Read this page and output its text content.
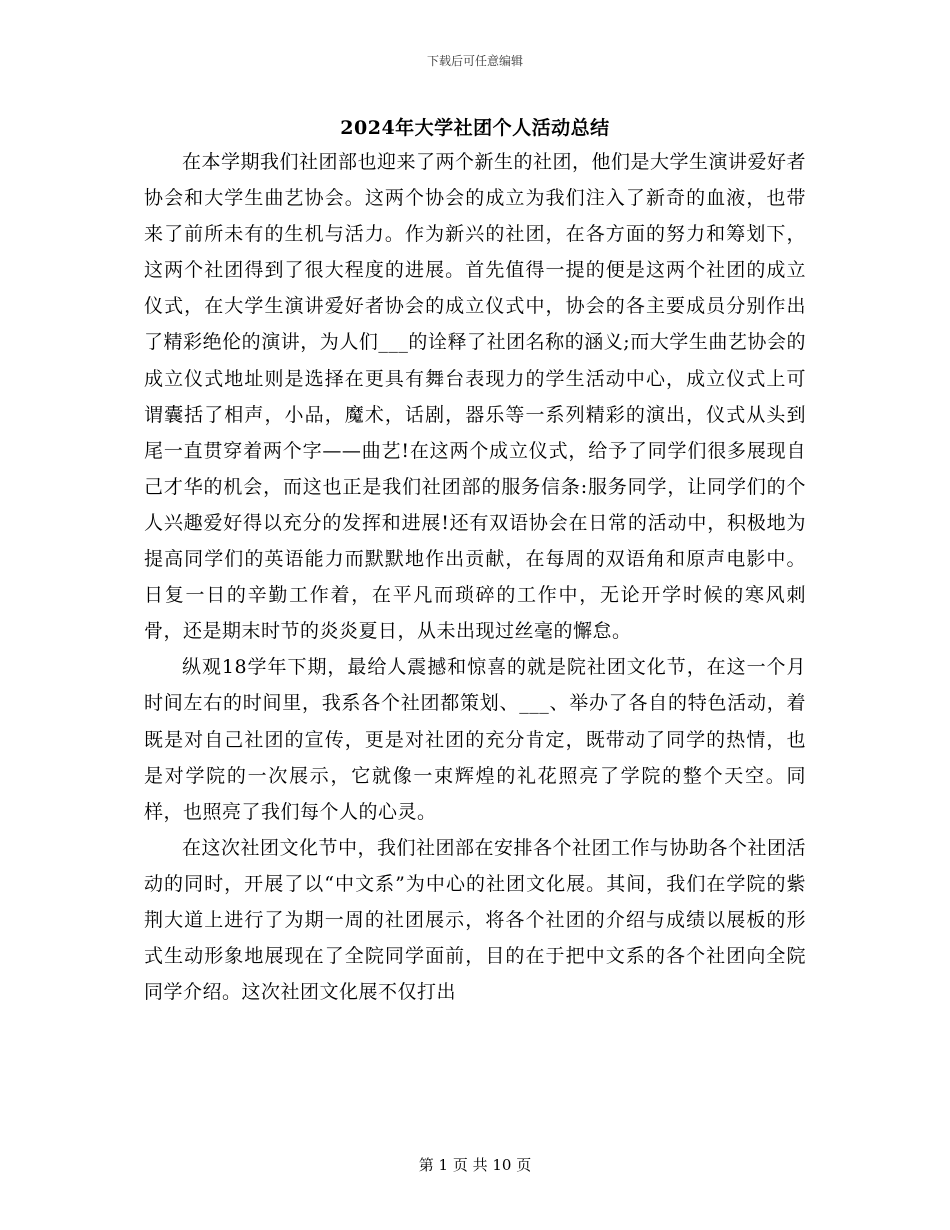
下载后可任意编辑
2024年大学社团个人活动总结

在本学期我们社团部也迎来了两个新生的社团，他们是大学生演讲爱好者协会和大学生曲艺协会。这两个协会的成立为我们注入了新奇的血液，也带来了前所未有的生机与活力。作为新兴的社团，在各方面的努力和筹划下，这两个社团得到了很大程度的进展。首先值得一提的便是这两个社团的成立仪式，在大学生演讲爱好者协会的成立仪式中，协会的各主要成员分别作出了精彩绝伦的演讲，为人们___的诠释了社团名称的涵义;而大学生曲艺协会的成立仪式地址则是选择在更具有舞台表现力的学生活动中心，成立仪式上可谓囊括了相声，小品，魔术，话剧，器乐等一系列精彩的演出，仪式从头到尾一直贯穿着两个字——曲艺!在这两个成立仪式，给予了同学们很多展现自己才华的机会，而这也正是我们社团部的服务信条:服务同学，让同学们的个人兴趣爱好得以充分的发挥和进展!还有双语协会在日常的活动中，积极地为提高同学们的英语能力而默默地作出贡献，在每周的双语角和原声电影中。日复一日的辛勤工作着，在平凡而琐碎的工作中，无论开学时候的寒风刺骨，还是期末时节的炎炎夏日，从未出现过丝毫的懈怠。

纵观18学年下期，最给人震撼和惊喜的就是院社团文化节，在这一个月时间左右的时间里，我系各个社团都策划、___、举办了各自的特色活动，着既是对自己社团的宣传，更是对社团的充分肯定，既带动了同学的热情，也是对学院的一次展示，它就像一束辉煌的礼花照亮了学院的整个天空。同样，也照亮了我们每个人的心灵。

在这次社团文化节中，我们社团部在安排各个社团工作与协助各个社团活动的同时，开展了以“中文系”为中心的社团文化展。其间，我们在学院的紫荆大道上进行了为期一周的社团展示，将各个社团的介绍与成绩以展板的形式生动形象地展现在了全院同学面前，目的在于把中文系的各个社团向全院同学介绍。这次社团文化展不仅打出

第 1 页 共 10 页
